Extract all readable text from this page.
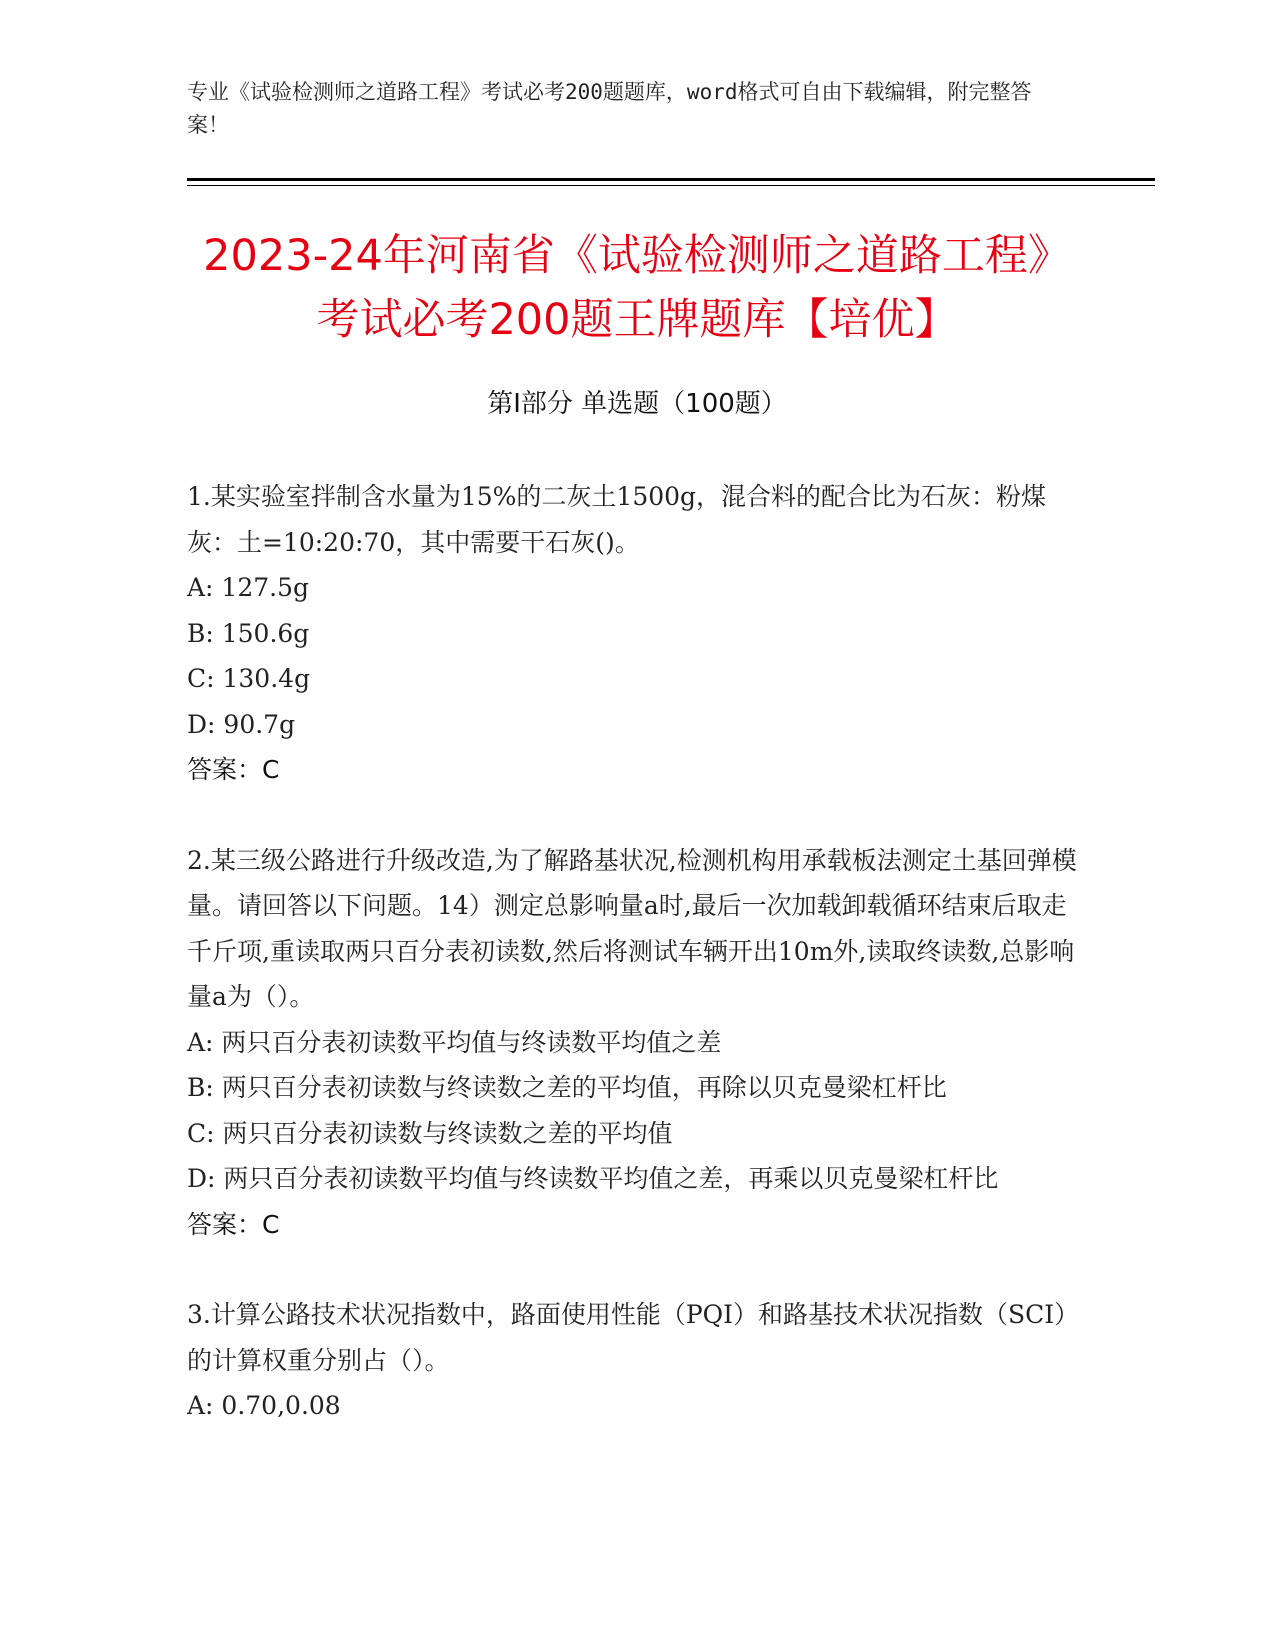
专业《试验检测师之道路工程》考试必考200题题库，word格式可自由下载编辑，附完整答案！
2023-24年河南省《试验检测师之道路工程》考试必考200题王牌题库【培优】
第Ⅰ部分 单选题（100题）

1.某实验室拌制含水量为15%的二灰土1500g，混合料的配合比为石灰：粉煤灰：土=10:20:70，其中需要干石灰()。

A: 127.5g

B: 150.6g

C: 130.4g

D: 90.7g

答案：C

2.某三级公路进行升级改造,为了解路基状况,检测机构用承载板法测定土基回弹模量。请回答以下问题。14）测定总影响量a时,最后一次加载卸载循环结束后取走千斤项,重读取两只百分表初读数,然后将测试车辆开出10m外,读取终读数,总影响量a为（）。

A: 两只百分表初读数平均值与终读数平均值之差

B: 两只百分表初读数与终读数之差的平均值，再除以贝克曼梁杠杆比

C: 两只百分表初读数与终读数之差的平均值

D: 两只百分表初读数平均值与终读数平均值之差，再乘以贝克曼梁杠杆比

答案：C

3.计算公路技术状况指数中，路面使用性能（PQI）和路基技术状况指数（SCI）的计算权重分别占（）。

A: 0.70,0.08
